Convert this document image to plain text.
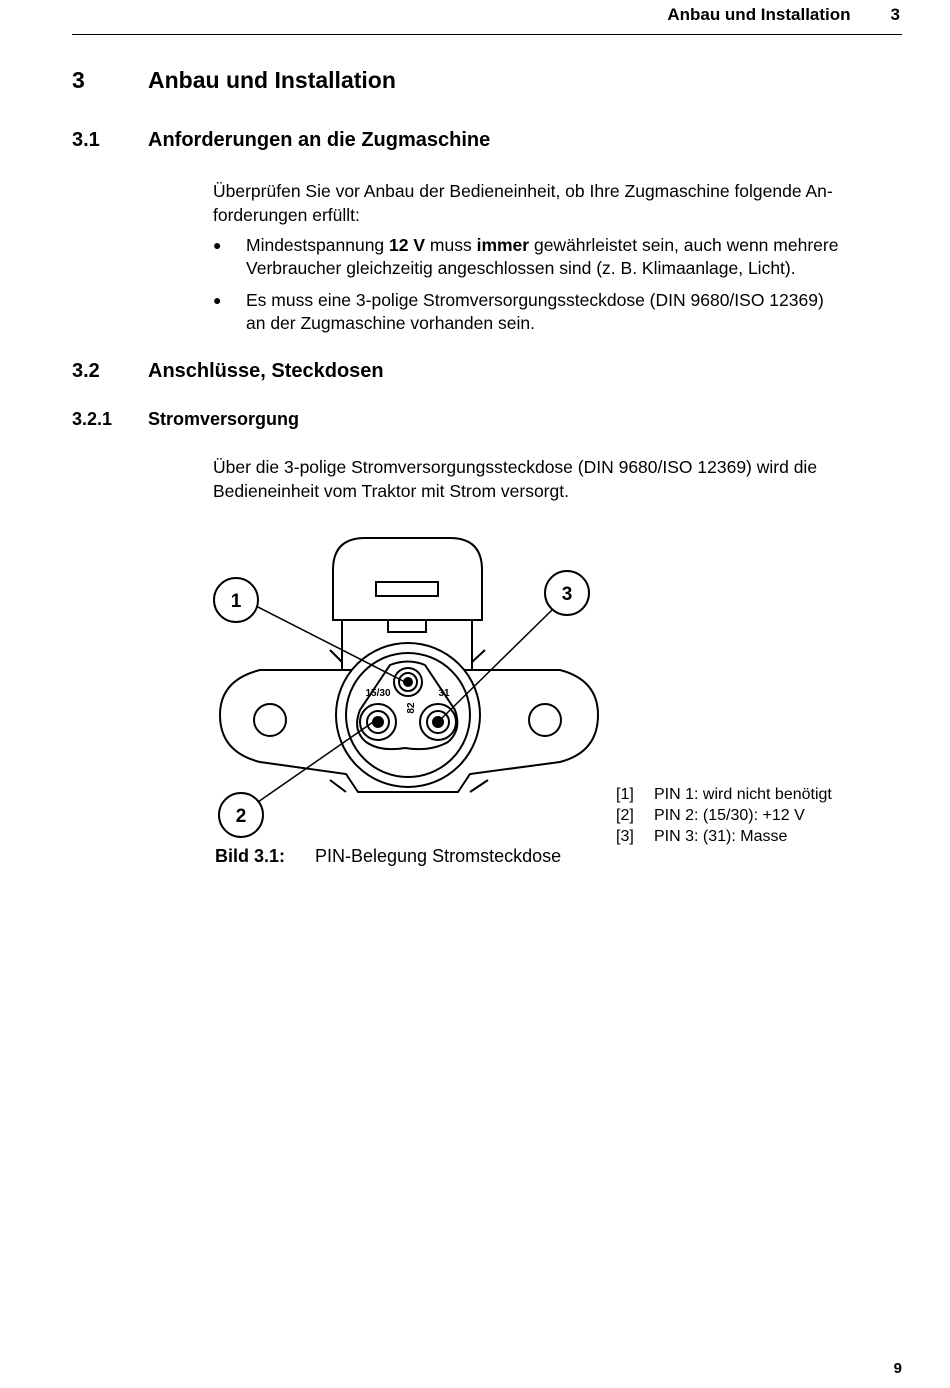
Anbau und Installation 3
3	Anbau und Installation
3.1 Anforderungen an die Zugmaschine
Überprüfen Sie vor Anbau der Bedieneinheit, ob Ihre Zugmaschine folgende An-
forderungen erfüllt:
●	Mindestspannung 12 V muss immer gewährleistet sein, auch wenn mehrere
Verbraucher gleichzeitig angeschlossen sind (z. B. Klimaanlage, Licht).
●	Es muss eine 3-polige Stromversorgungssteckdose (DIN 9680/ISO 12369)
an der Zugmaschine vorhanden sein.
3.2 Anschlüsse, Steckdosen
3.2.1 Stromversorgung
Über die 3-polige Stromversorgungssteckdose (DIN 9680/ISO 12369) wird die
Bedieneinheit vom Traktor mit Strom versorgt.
15/30	31
82
1
2
3
Bild 3.1:	PIN-Belegung Stromsteckdose
[1]	PIN 1: wird nicht benötigt
[2]	PIN 2: (15/30): +12 V
[3]	PIN 3: (31): Masse
9
